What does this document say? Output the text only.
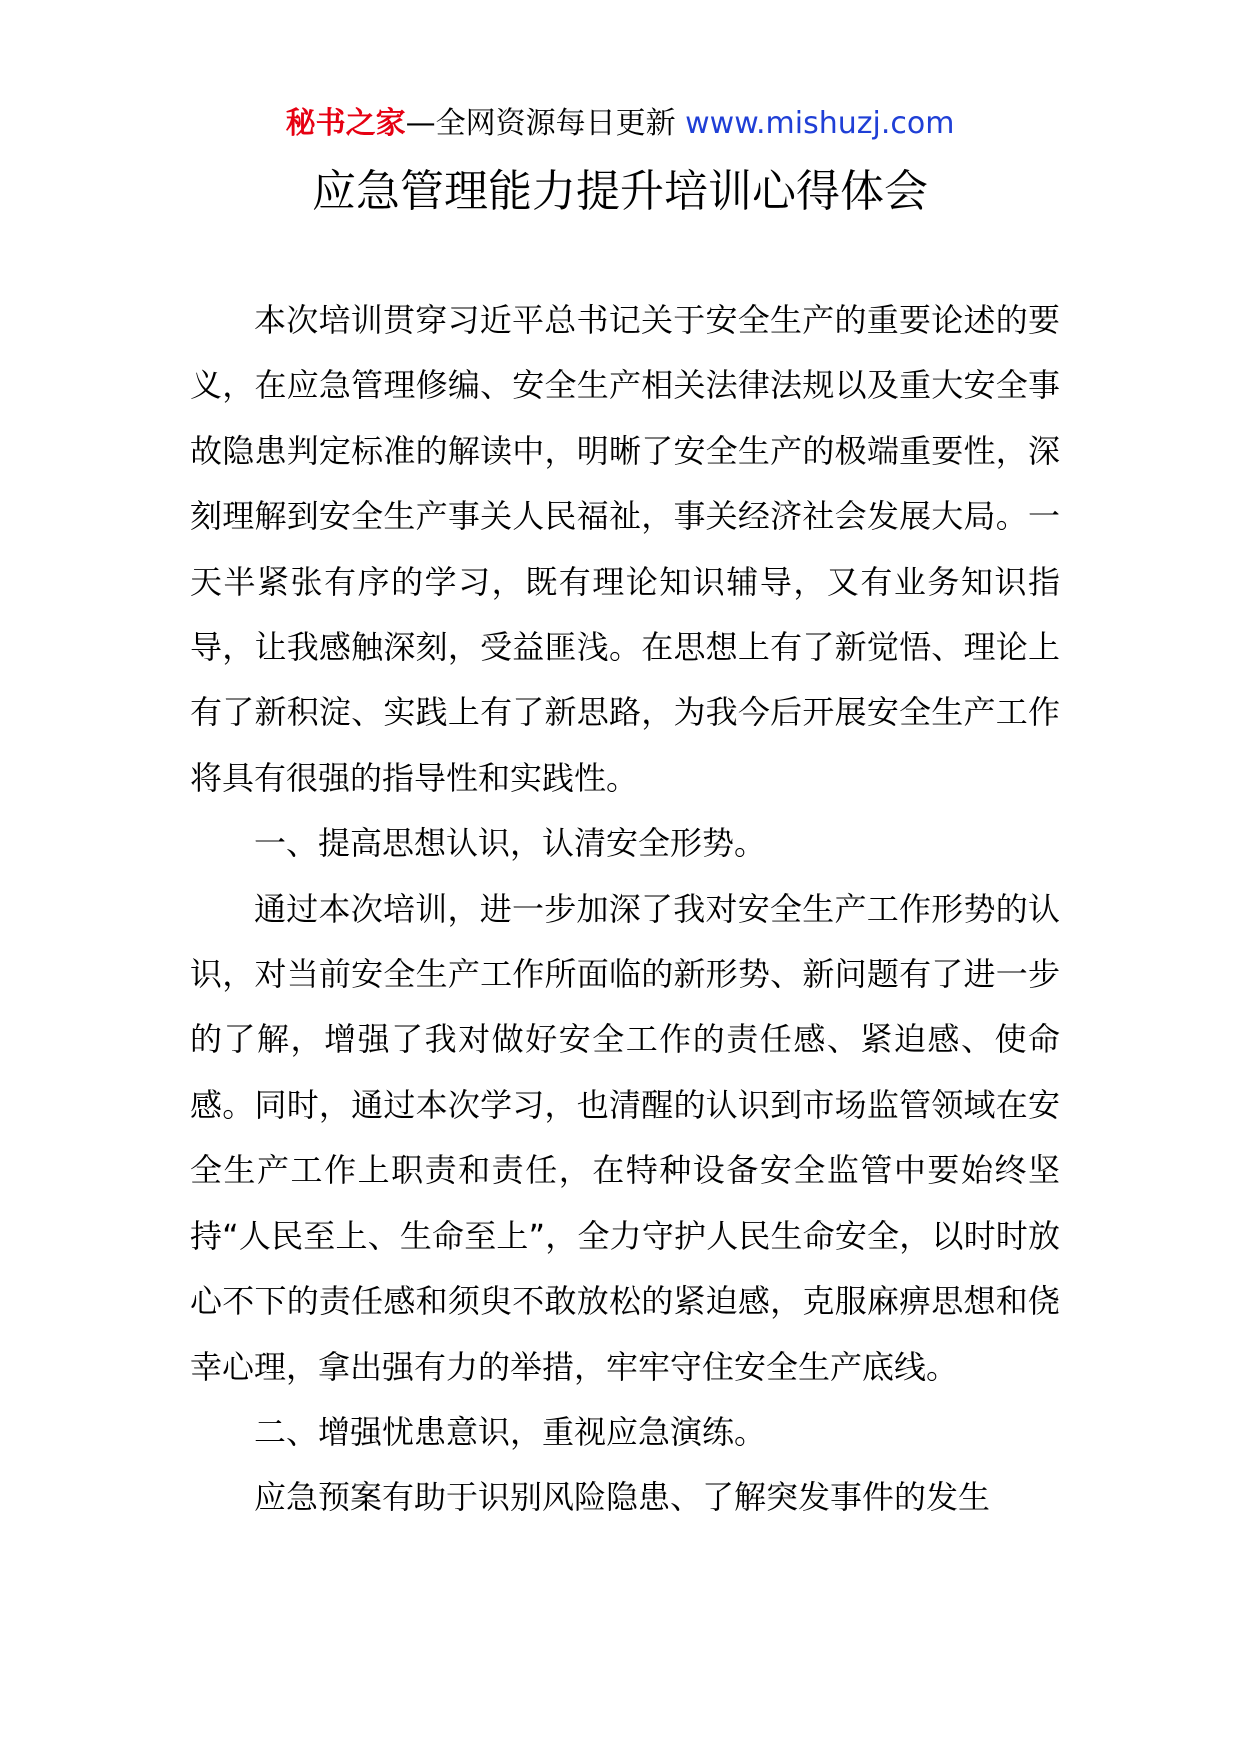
秘书之家—全网资源每日更新 www.mishuzj.com
应急管理能力提升培训心得体会

本次培训贯穿习近平总书记关于安全生产的重要论述的要义，在应急管理修编、安全生产相关法律法规以及重大安全事故隐患判定标准的解读中，明晰了安全生产的极端重要性，深刻理解到安全生产事关人民福祉，事关经济社会发展大局。一天半紧张有序的学习，既有理论知识辅导，又有业务知识指导，让我感触深刻，受益匪浅。在思想上有了新觉悟、理论上有了新积淀、实践上有了新思路，为我今后开展安全生产工作将具有很强的指导性和实践性。

一、提高思想认识，认清安全形势。

通过本次培训，进一步加深了我对安全生产工作形势的认识，对当前安全生产工作所面临的新形势、新问题有了进一步的了解，增强了我对做好安全工作的责任感、紧迫感、使命感。同时，通过本次学习，也清醒的认识到市场监管领域在安全生产工作上职责和责任，在特种设备安全监管中要始终坚持“人民至上、生命至上”，全力守护人民生命安全，以时时放心不下的责任感和须臾不敢放松的紧迫感，克服麻痹思想和侥幸心理，拿出强有力的举措，牢牢守住安全生产底线。

二、增强忧患意识，重视应急演练。

应急预案有助于识别风险隐患、了解突发事件的发生
